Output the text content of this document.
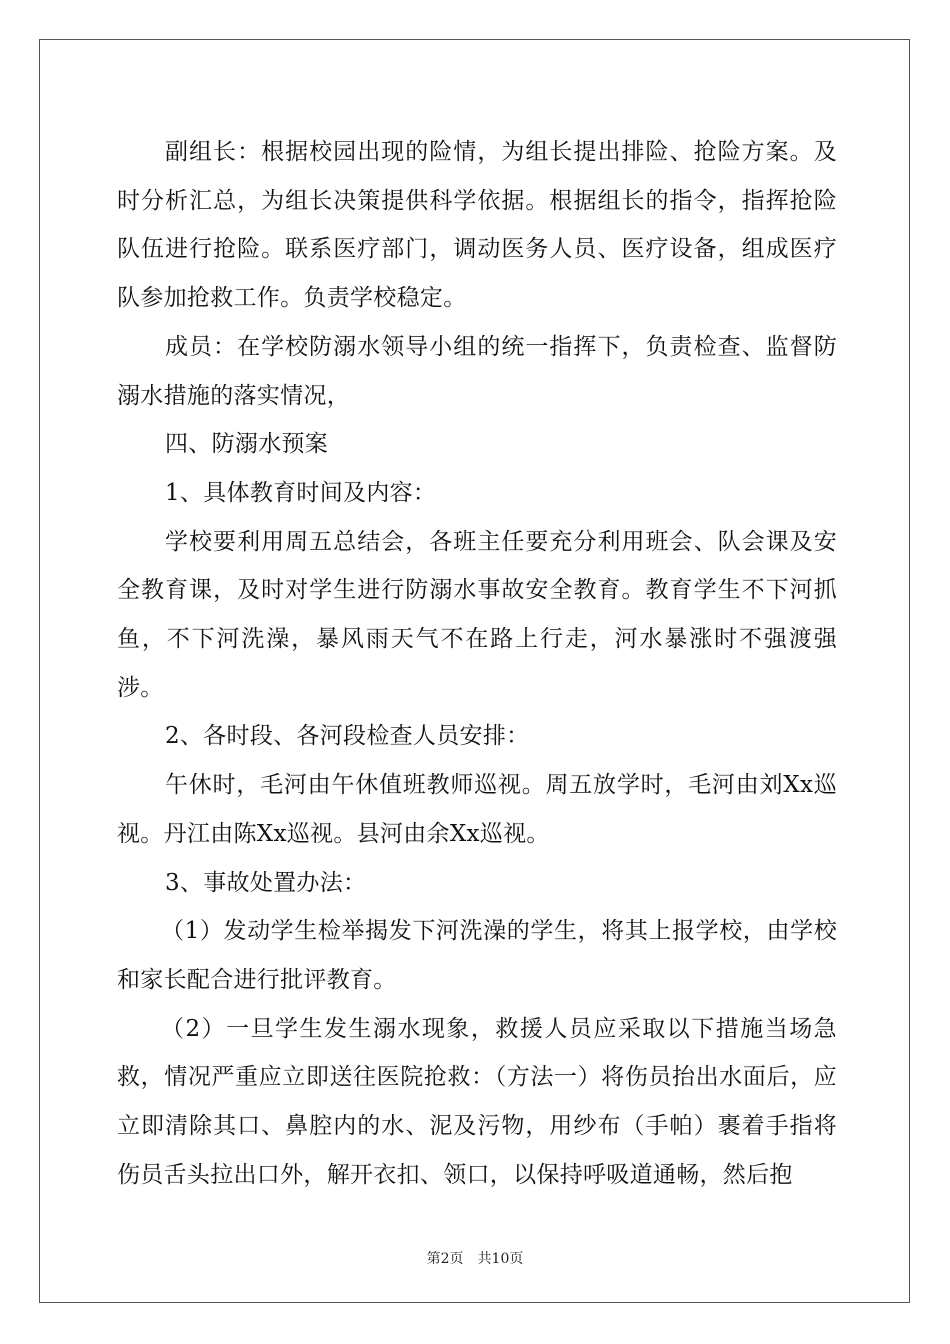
副组长：根据校园出现的险情，为组长提出排险、抢险方案。及时分析汇总，为组长决策提供科学依据。根据组长的指令，指挥抢险队伍进行抢险。联系医疗部门，调动医务人员、医疗设备，组成医疗队参加抢救工作。负责学校稳定。

成员：在学校防溺水领导小组的统一指挥下，负责检查、监督防溺水措施的落实情况，

四、防溺水预案

1、具体教育时间及内容：

学校要利用周五总结会，各班主任要充分利用班会、队会课及安全教育课，及时对学生进行防溺水事故安全教育。教育学生不下河抓鱼，不下河洗澡，暴风雨天气不在路上行走，河水暴涨时不强渡强涉。

2、各时段、各河段检查人员安排：

午休时，毛河由午休值班教师巡视。周五放学时，毛河由刘Xx巡视。丹江由陈Xx巡视。县河由余Xx巡视。

3、事故处置办法：

（1）发动学生检举揭发下河洗澡的学生，将其上报学校，由学校和家长配合进行批评教育。

（2）一旦学生发生溺水现象，救援人员应采取以下措施当场急救，情况严重应立即送往医院抢救：（方法一）将伤员抬出水面后，应立即清除其口、鼻腔内的水、泥及污物，用纱布（手帕）裹着手指将伤员舌头拉出口外，解开衣扣、领口，以保持呼吸道通畅，然后抱

第2页 共10页
